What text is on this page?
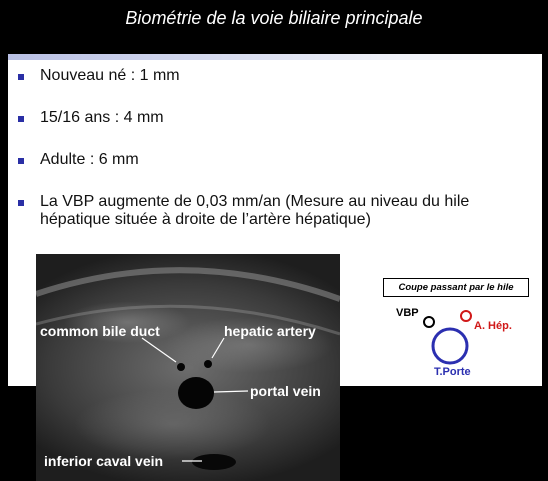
Biométrie de la voie biliaire principale
Nouveau né : 1 mm
15/16 ans : 4 mm
Adulte : 6 mm
La VBP augmente de 0,03 mm/an (Mesure au niveau du hile
hépatique située à droite de l’artère hépatique)
common bile duct	hepatic artery
portal vein
inferior caval vein
Coupe passant par le hile
VBP
A. Hép.
T.Porte
